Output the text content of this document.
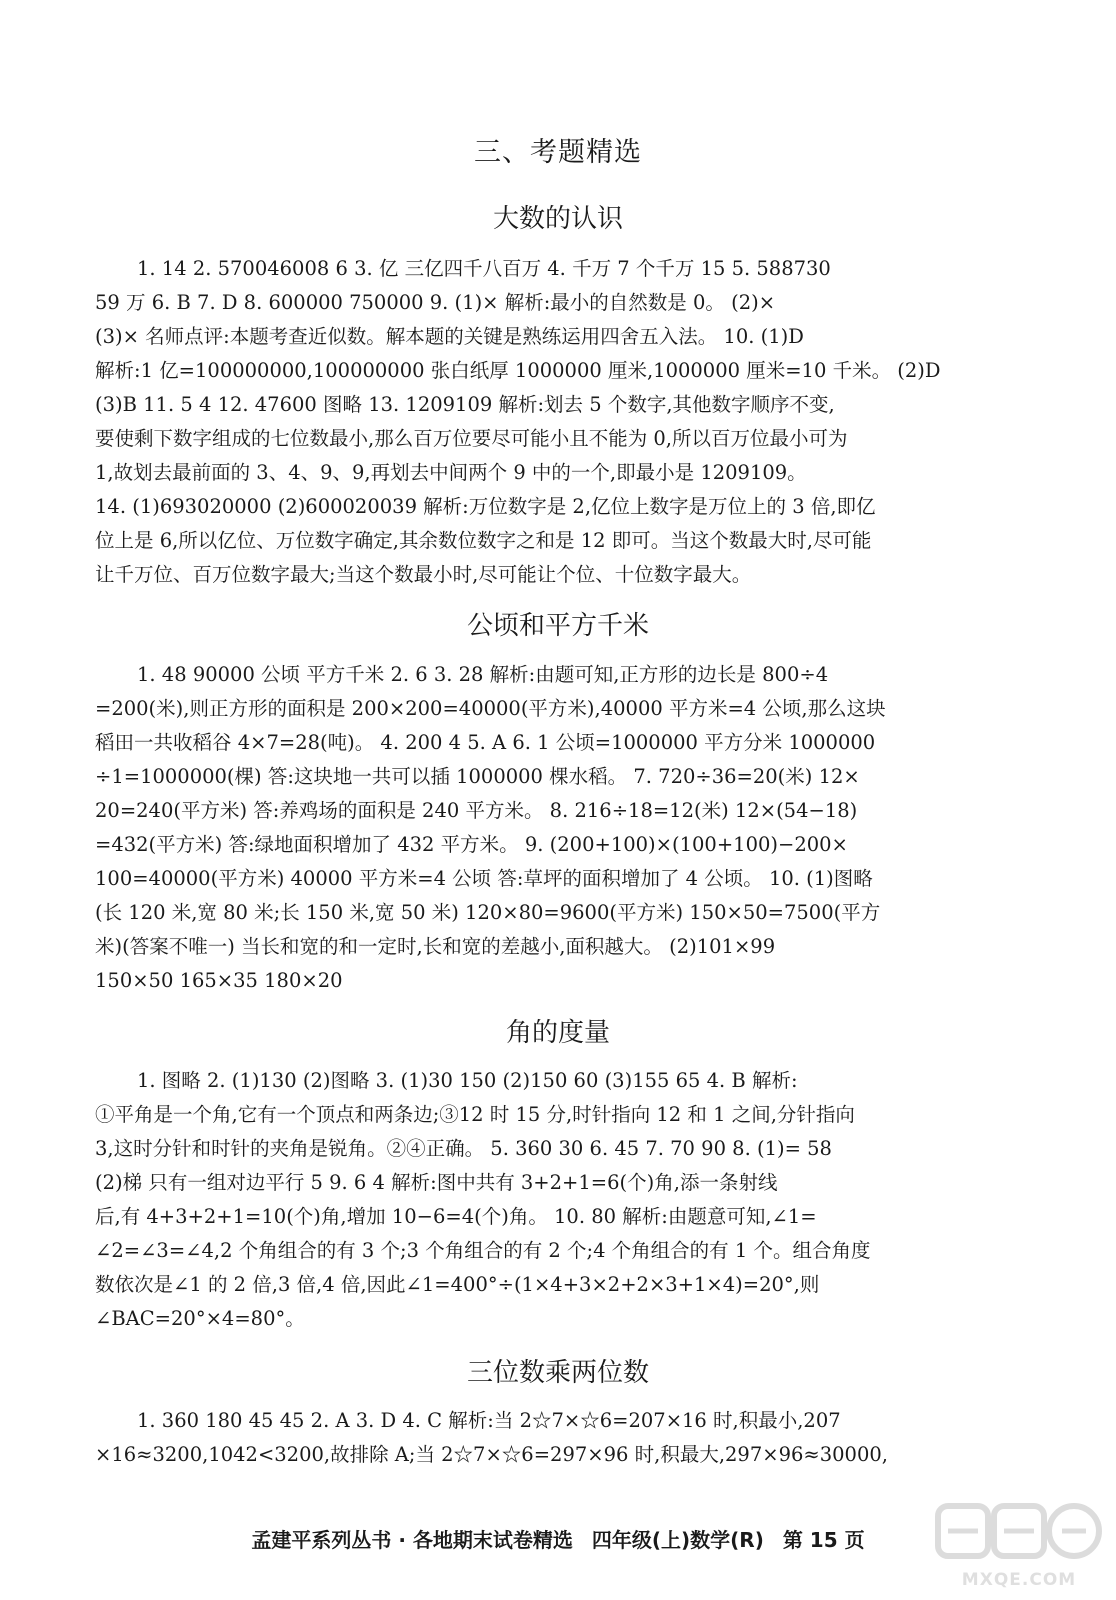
三、考题精选
大数的认识

1. 14 2. 570046008 6 3. 亿 三亿四千八百万 4. 千万 7 个千万 15 5. 588730

59 万 6. B 7. D 8. 600000 750000 9. (1)× 解析:最小的自然数是 0。 (2)×

(3)× 名师点评:本题考查近似数。解本题的关键是熟练运用四舍五入法。 10. (1)D

解析:1 亿=100000000,100000000 张白纸厚 1000000 厘米,1000000 厘米=10 千米。 (2)D

(3)B 11. 5 4 12. 47600 图略 13. 1209109 解析:划去 5 个数字,其他数字顺序不变,

要使剩下数字组成的七位数最小,那么百万位要尽可能小且不能为 0,所以百万位最小可为

1,故划去最前面的 3、4、9、9,再划去中间两个 9 中的一个,即最小是 1209109。

14. (1)693020000 (2)600020039 解析:万位数字是 2,亿位上数字是万位上的 3 倍,即亿

位上是 6,所以亿位、万位数字确定,其余数位数字之和是 12 即可。当这个数最大时,尽可能

让千万位、百万位数字最大;当这个数最小时,尽可能让个位、十位数字最大。

公顷和平方千米

1. 48 90000 公顷 平方千米 2. 6 3. 28 解析:由题可知,正方形的边长是 800÷4

=200(米),则正方形的面积是 200×200=40000(平方米),40000 平方米=4 公顷,那么这块

稻田一共收稻谷 4×7=28(吨)。 4. 200 4 5. A 6. 1 公顷=1000000 平方分米 1000000

÷1=1000000(棵) 答:这块地一共可以插 1000000 棵水稻。 7. 720÷36=20(米) 12×

20=240(平方米) 答:养鸡场的面积是 240 平方米。 8. 216÷18=12(米) 12×(54−18)

=432(平方米) 答:绿地面积增加了 432 平方米。 9. (200+100)×(100+100)−200×

100=40000(平方米) 40000 平方米=4 公顷 答:草坪的面积增加了 4 公顷。 10. (1)图略

(长 120 米,宽 80 米;长 150 米,宽 50 米) 120×80=9600(平方米) 150×50=7500(平方

米)(答案不唯一) 当长和宽的和一定时,长和宽的差越小,面积越大。 (2)101×99

150×50 165×35 180×20

角的度量

1. 图略 2. (1)130 (2)图略 3. (1)30 150 (2)150 60 (3)155 65 4. B 解析:

①平角是一个角,它有一个顶点和两条边;③12 时 15 分,时针指向 12 和 1 之间,分针指向

3,这时分针和时针的夹角是锐角。②④正确。 5. 360 30 6. 45 7. 70 90 8. (1)= 58

(2)梯 只有一组对边平行 5 9. 6 4 解析:图中共有 3+2+1=6(个)角,添一条射线

后,有 4+3+2+1=10(个)角,增加 10−6=4(个)角。 10. 80 解析:由题意可知,∠1=

∠2=∠3=∠4,2 个角组合的有 3 个;3 个角组合的有 2 个;4 个角组合的有 1 个。组合角度

数依次是∠1 的 2 倍,3 倍,4 倍,因此∠1=400°÷(1×4+3×2+2×3+1×4)=20°,则

∠BAC=20°×4=80°。

三位数乘两位数

1. 360 180 45 45 2. A 3. D 4. C 解析:当 2☆7×☆6=207×16 时,积最小,207

×16≈3200,1042<3200,故排除 A;当 2☆7×☆6=297×96 时,积最大,297×96≈30000,

孟建平系列丛书 · 各地期末试卷精选 四年级(上)数学(R) 第 15 页
MXQE.COM
